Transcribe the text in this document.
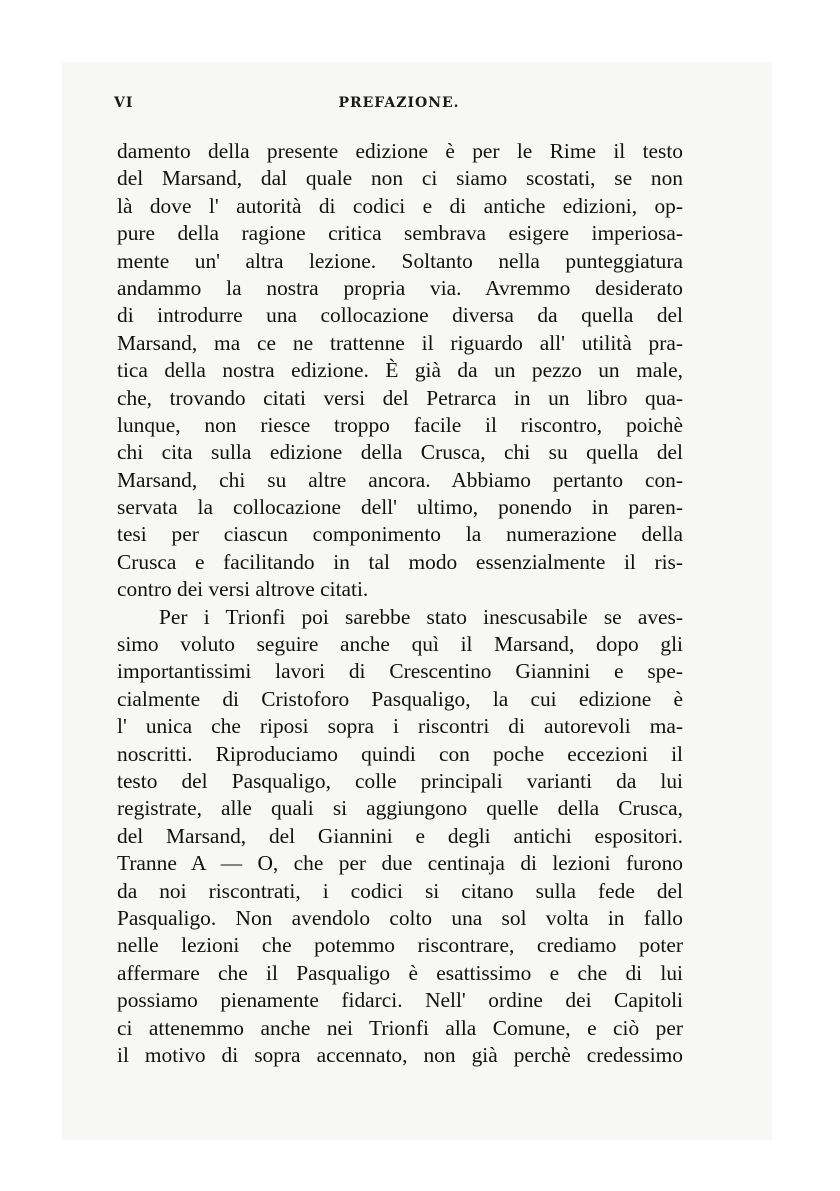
VI	PREFAZIONE.
damento della presente edizione è per le Rime il testo
del Marsand, dal quale non ci siamo scostati, se non
là dove l' autorità di codici e di antiche edizioni, op-
pure della ragione critica sembrava esigere imperiosa-
mente un' altra lezione. Soltanto nella punteggiatura
andammo la nostra propria via. Avremmo desiderato
di introdurre una collocazione diversa da quella del
Marsand, ma ce ne trattenne il riguardo all' utilità pra-
tica della nostra edizione. È già da un pezzo un male,
che, trovando citati versi del Petrarca in un libro qua-
lunque, non riesce troppo facile il riscontro, poichè
chi cita sulla edizione della Crusca, chi su quella del
Marsand, chi su altre ancora. Abbiamo pertanto con-
servata la collocazione dell' ultimo, ponendo in paren-
tesi per ciascun componimento la numerazione della
Crusca e facilitando in tal modo essenzialmente il ris-
contro dei versi altrove citati.
Per i Trionfi poi sarebbe stato inescusabile se aves-
simo voluto seguire anche quì il Marsand, dopo gli
importantissimi lavori di Crescentino Giannini e spe-
cialmente di Cristoforo Pasqualigo, la cui edizione è
l' unica che riposi sopra i riscontri di autorevoli ma-
noscritti. Riproduciamo quindi con poche eccezioni il
testo del Pasqualigo, colle principali varianti da lui
registrate, alle quali si aggiungono quelle della Crusca,
del Marsand, del Giannini e degli antichi espositori.
Tranne A — O, che per due centinaja di lezioni furono
da noi riscontrati, i codici si citano sulla fede del
Pasqualigo. Non avendolo colto una sol volta in fallo
nelle lezioni che potemmo riscontrare, crediamo poter
affermare che il Pasqualigo è esattissimo e che di lui
possiamo pienamente fidarci. Nell' ordine dei Capitoli
ci attenemmo anche nei Trionfi alla Comune, e ciò per
il motivo di sopra accennato, non già perchè credessimo
